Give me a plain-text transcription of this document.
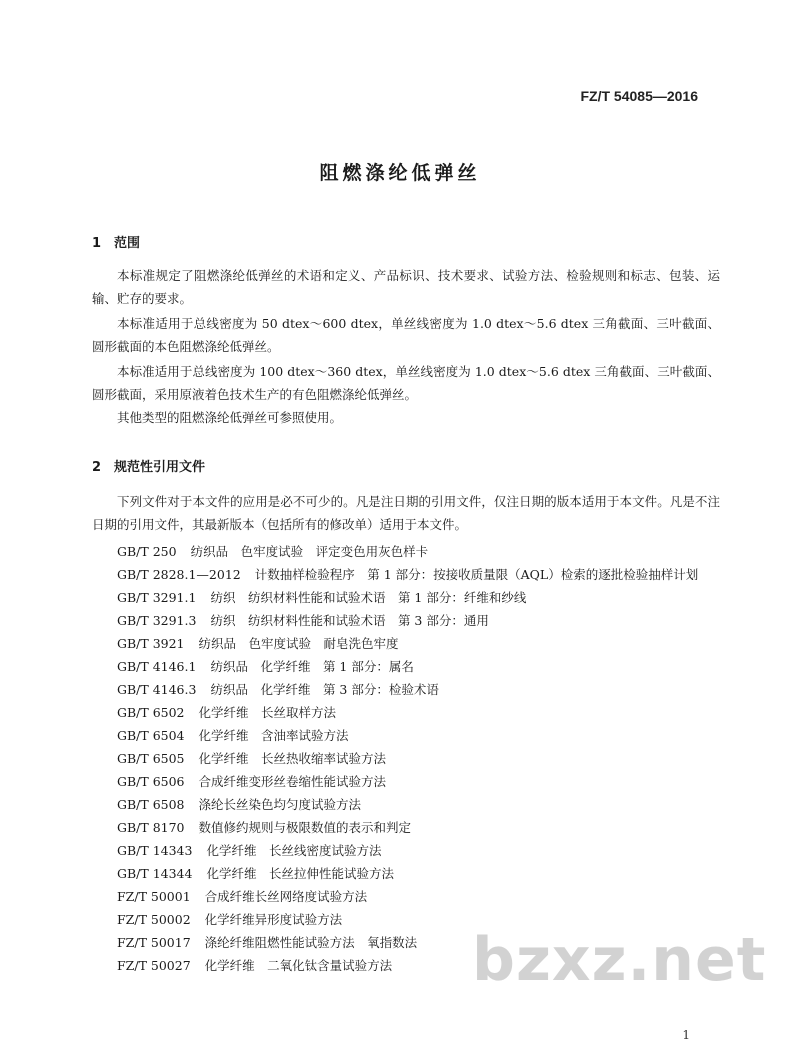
FZ/T 54085—2016
阻燃涤纶低弹丝
1 范围
本标准规定了阻燃涤纶低弹丝的术语和定义、产品标识、技术要求、试验方法、检验规则和标志、包装、运输、贮存的要求。
本标准适用于总线密度为 50 dtex～600 dtex，单丝线密度为 1.0 dtex～5.6 dtex 三角截面、三叶截面、圆形截面的本色阻燃涤纶低弹丝。
本标准适用于总线密度为 100 dtex～360 dtex，单丝线密度为 1.0 dtex～5.6 dtex 三角截面、三叶截面、圆形截面，采用原液着色技术生产的有色阻燃涤纶低弹丝。
其他类型的阻燃涤纶低弹丝可参照使用。
2 规范性引用文件
下列文件对于本文件的应用是必不可少的。凡是注日期的引用文件，仅注日期的版本适用于本文件。凡是不注日期的引用文件，其最新版本（包括所有的修改单）适用于本文件。
GB/T 250 纺织品　色牢度试验　评定变色用灰色样卡
GB/T 2828.1—2012 计数抽样检验程序　第 1 部分：按接收质量限（AQL）检索的逐批检验抽样计划
GB/T 3291.1 纺织　纺织材料性能和试验术语　第 1 部分：纤维和纱线
GB/T 3291.3 纺织　纺织材料性能和试验术语　第 3 部分：通用
GB/T 3921 纺织品　色牢度试验　耐皂洗色牢度
GB/T 4146.1 纺织品　化学纤维　第 1 部分：属名
GB/T 4146.3 纺织品　化学纤维　第 3 部分：检验术语
GB/T 6502 化学纤维　长丝取样方法
GB/T 6504 化学纤维　含油率试验方法
GB/T 6505 化学纤维　长丝热收缩率试验方法
GB/T 6506 合成纤维变形丝卷缩性能试验方法
GB/T 6508 涤纶长丝染色均匀度试验方法
GB/T 8170 数值修约规则与极限数值的表示和判定
GB/T 14343 化学纤维　长丝线密度试验方法
GB/T 14344 化学纤维　长丝拉伸性能试验方法
FZ/T 50001 合成纤维长丝网络度试验方法
FZ/T 50002 化学纤维异形度试验方法
FZ/T 50017 涤纶纤维阻燃性能试验方法　氧指数法
FZ/T 50027 化学纤维　二氧化钛含量试验方法	bzxz.net
1
